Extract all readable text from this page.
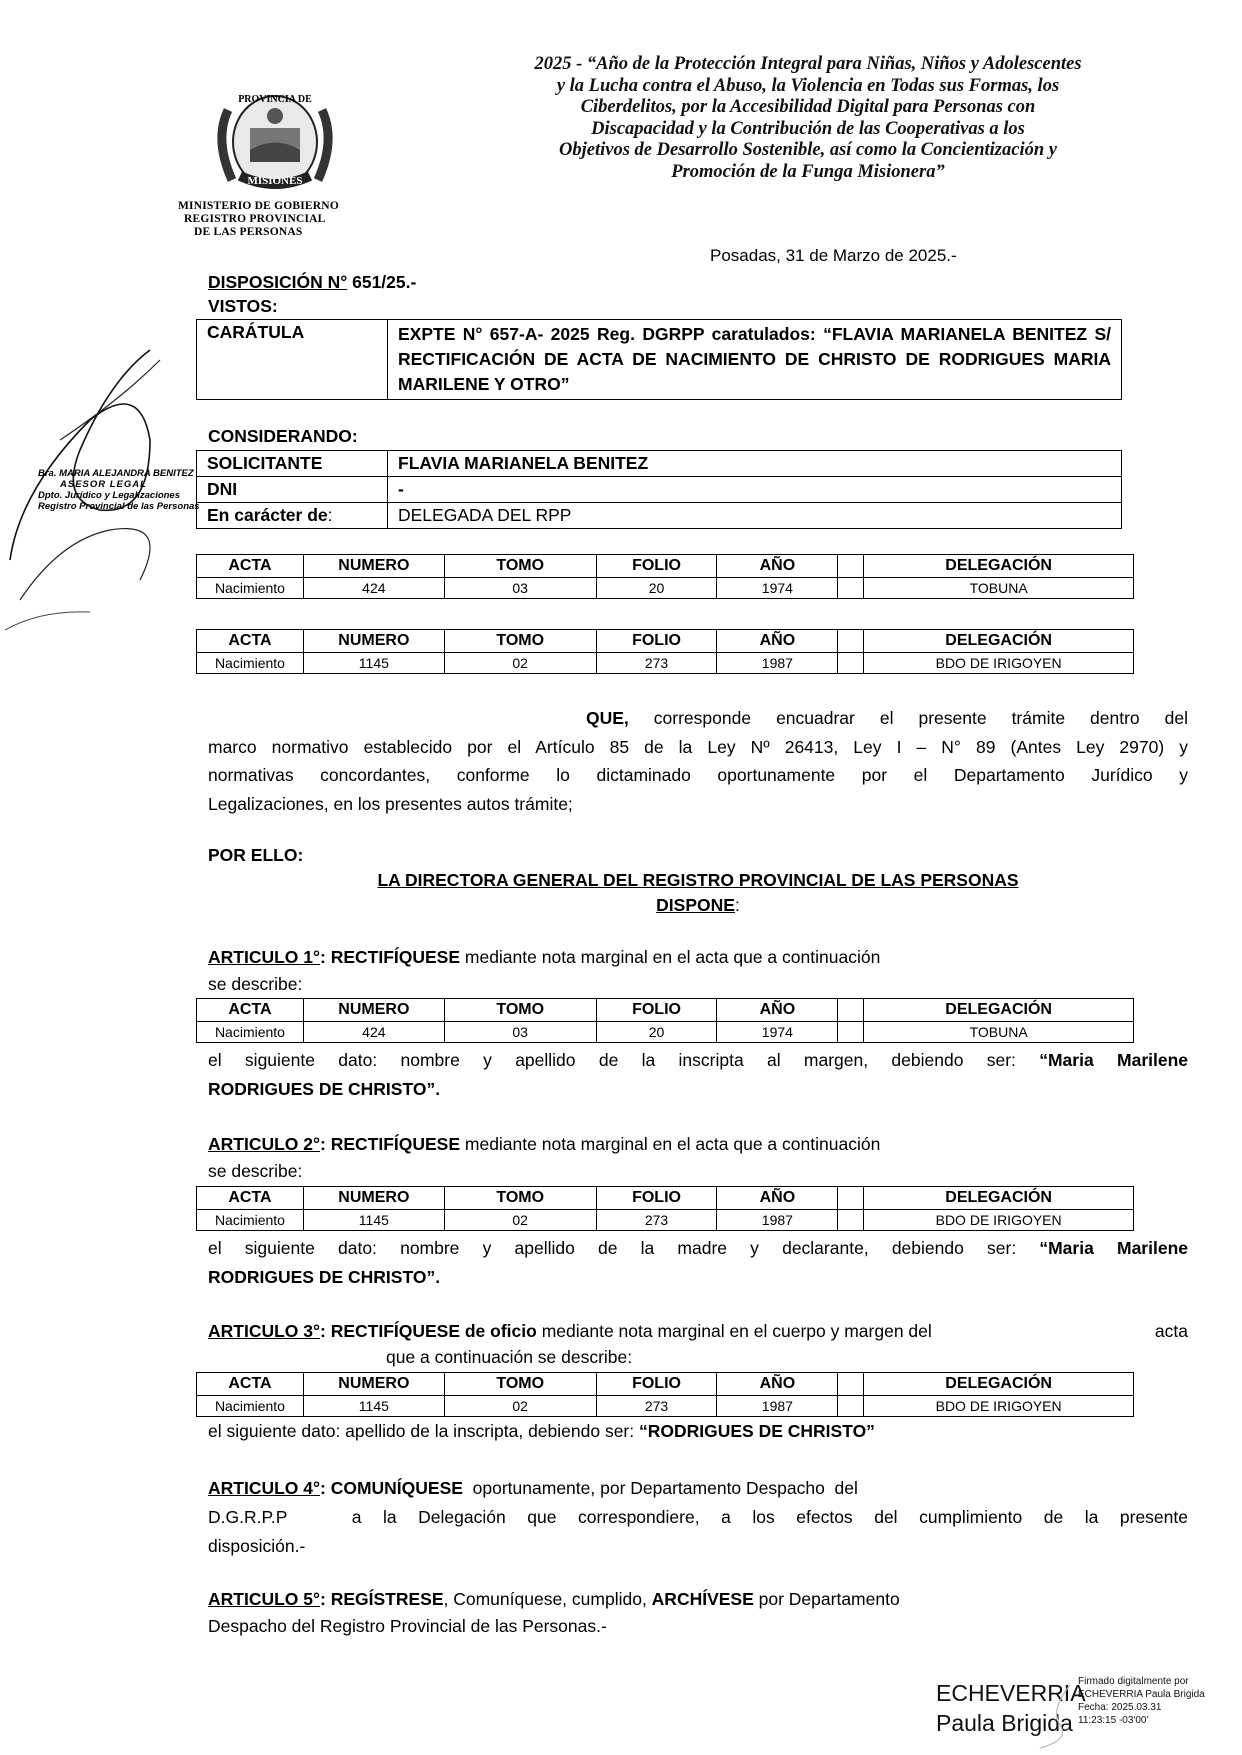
PROVINCIA DE
MISIONES
2025 - “Año de la Protección Integral para Niñas, Niños y Adolescentes
y la Lucha contra el Abuso, la Violencia en Todas sus Formas, los
Ciberdelitos, por la Accesibilidad Digital para Personas con
Discapacidad y la Contribución de las Cooperativas a los
Objetivos de Desarrollo Sostenible, así como la Concientización y
Promoción de la Funga Misionera”
MINISTERIO DE GOBIERNO
REGISTRO PROVINCIAL
DE LAS PERSONAS
Posadas, 31 de Marzo de 2025.-
DISPOSICIÓN N° 651/25.-
VISTOS:
CARÁTULA	EXPTE N° 657-A- 2025 Reg. DGRPP caratulados: “FLAVIA MARIANELA BENITEZ S/ RECTIFICACIÓN DE ACTA DE NACIMIENTO DE CHRISTO DE RODRIGUES MARIA MARILENE Y OTRO”
Bra. MARIA ALEJANDRA BENITEZ
ASESOR LEGAL
Dpto. Jurídico y Legalizaciones
Registro Provincial de las Personas
CONSIDERANDO:
SOLICITANTE	FLAVIA MARIANELA BENITEZ
DNI	-
En carácter de:	DELEGADA DEL RPP
ACTA	NUMERO	TOMO	FOLIO	AÑO		DELEGACIÓN
Nacimiento	424	03	20	1974		TOBUNA
ACTA	NUMERO	TOMO	FOLIO	AÑO		DELEGACIÓN
Nacimiento	1145	02	273	1987		BDO DE IRIGOYEN
QUE, corresponde encuadrar el presente trámite dentro del
marco normativo establecido por el Artículo 85 de la Ley Nº 26413, Ley I – N° 89 (Antes Ley 2970) y
normativas concordantes, conforme lo dictaminado oportunamente por el Departamento Jurídico y
Legalizaciones, en los presentes autos trámite;
POR ELLO:
LA DIRECTORA GENERAL DEL REGISTRO PROVINCIAL DE LAS PERSONAS
DISPONE:
ARTICULO 1°: RECTIFÍQUESE mediante nota marginal en el acta que a continuación
se describe:
ACTA	NUMERO	TOMO	FOLIO	AÑO		DELEGACIÓN
Nacimiento	424	03	20	1974		TOBUNA
el siguiente dato: nombre y apellido de la inscripta al margen, debiendo ser: “Maria Marilene
RODRIGUES DE CHRISTO”.
ARTICULO 2°: RECTIFÍQUESE mediante nota marginal en el acta que a continuación
se describe:
ACTA	NUMERO	TOMO	FOLIO	AÑO		DELEGACIÓN
Nacimiento	1145	02	273	1987		BDO DE IRIGOYEN
el siguiente dato: nombre y apellido de la madre y declarante, debiendo ser: “Maria Marilene
RODRIGUES DE CHRISTO”.
ARTICULO 3°: RECTIFÍQUESE de oficio mediante nota marginal en el cuerpo y margen del	acta
que a continuación se describe:
ACTA	NUMERO	TOMO	FOLIO	AÑO		DELEGACIÓN
Nacimiento	1145	02	273	1987		BDO DE IRIGOYEN
el siguiente dato: apellido de la inscripta, debiendo ser: “RODRIGUES DE CHRISTO”
ARTICULO 4°: COMUNÍQUESE  oportunamente, por Departamento Despacho  del
D.G.R.P.P   a la Delegación que correspondiere, a los efectos del cumplimiento de la presente
disposición.-
ARTICULO 5°: REGÍSTRESE, Comuníquese, cumplido, ARCHÍVESE por Departamento
Despacho del Registro Provincial de las Personas.-
ECHEVERRIA
Paula Brigida
Firmado digitalmente por
ECHEVERRIA Paula Brigida
Fecha: 2025.03.31
11:23:15 -03'00'
